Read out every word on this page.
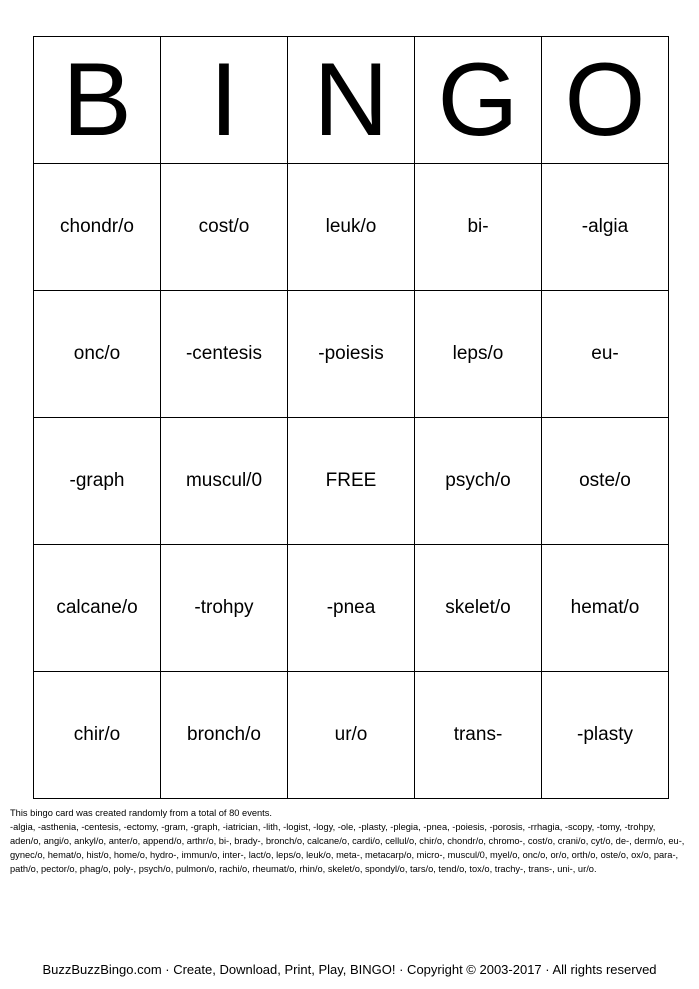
B	I	N	G	O
chondr/o	cost/o	leuk/o	bi-	-algia
onc/o	-centesis	-poiesis	leps/o	eu-
-graph	muscul/0	FREE	psych/o	oste/o
calcane/o	-trohpy	-pnea	skelet/o	hemat/o
chir/o	bronch/o	ur/o	trans-	-plasty

This bingo card was created randomly from a total of 80 events.

-algia, -asthenia, -centesis, -ectomy, -gram, -graph, -iatrician, -lith, -logist, -logy, -ole, -plasty, -plegia, -pnea, -poiesis, -porosis, -rrhagia, -scopy, -tomy, -trohpy, aden/o, angi/o, ankyl/o, anter/o, append/o, arthr/o, bi-, brady-, bronch/o, calcane/o, cardi/o, cellul/o, chir/o, chondr/o, chromo-, cost/o, crani/o, cyt/o, de-, derm/o, eu-, gynec/o, hemat/o, hist/o, home/o, hydro-, immun/o, inter-, lact/o, leps/o, leuk/o, meta-, metacarp/o, micro-, muscul/0, myel/o, onc/o, or/o, orth/o, oste/o, ox/o, para-, path/o, pector/o, phag/o, poly-, psych/o, pulmon/o, rachi/o, rheumat/o, rhin/o, skelet/o, spondyl/o, tars/o, tend/o, tox/o, trachy-, trans-, uni-, ur/o.

BuzzBuzzBingo.com · Create, Download, Print, Play, BINGO! · Copyright © 2003-2017 · All rights reserved
